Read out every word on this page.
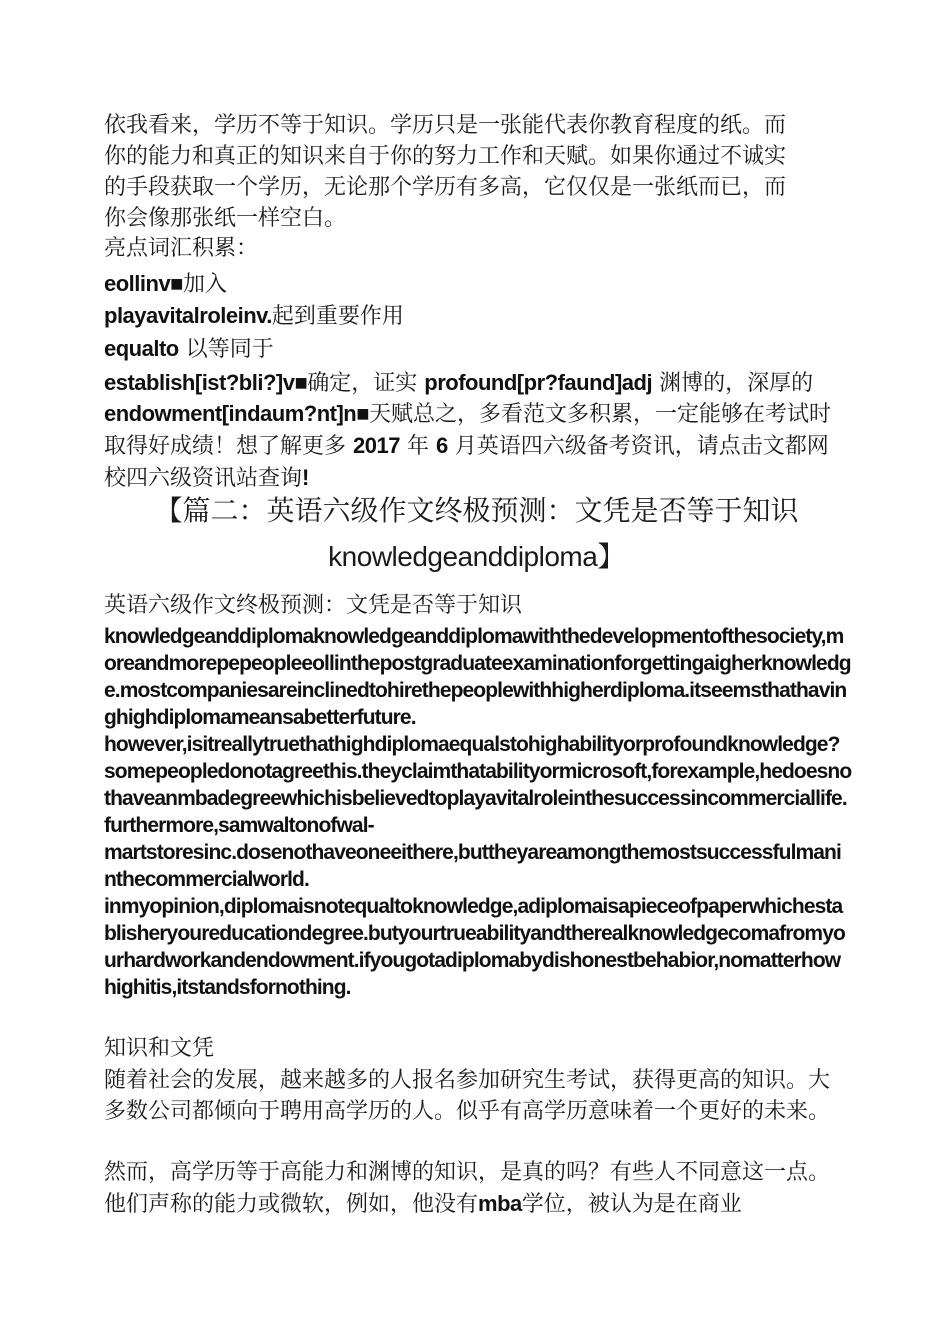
依我看来，学历不等于知识。学历只是一张能代表你教育程度的纸。而
你的能力和真正的知识来自于你的努力工作和天赋。如果你通过不诚实
的手段获取一个学历，无论那个学历有多高，它仅仅是一张纸而已，而
你会像那张纸一样空白。
亮点词汇积累：
eollinv■加入
playavitalroleinv.起到重要作用
equalto 以等同于
establish[ist?bli?]v■确定，证实 profound[pr?faund]adj 渊博的，深厚的
endowment[indaum?nt]n■天赋总之，多看范文多积累，一定能够在考试时取得好成绩！想了解更多 2017 年 6 月英语四六级备考资讯，请点击文都网校四六级资讯站查询!
【篇二：英语六级作文终极预测：文凭是否等于知识
knowledgeanddiploma】
英语六级作文终极预测：文凭是否等于知识

knowledgeanddiplomaknowledgeanddiplomawiththedevelopmentofthesociety,moreandmorepepeopleeollinthepostgraduateexaminationforgettingaigherknowledge.mostcompaniesareinclinedtohirethepeoplewithhigherdiploma.itseemsthathavinghighdiplomameansabetterfuture.

however,isitreallytruethathighdiplomaequalstohighabilityorprofoundknowledge?

somepeopledonotagreethis.theyclaimthatabilityormicrosoft,forexample,hedoesnothaveanmbadegreewhichisbelievedtoplayavitalroleinthesuccessincommerciallife.furthermore,samwaltonofwal-

martstoresinc.dosenothaveoneeithere,buttheyareamongthemostsuccessfulmaninthecommercialworld.

inmyopinion,diplomaisnotequaltoknowledge,adiplomaisapieceofpaperwhichestablisheryoureducationdegree.butyourtrueabilityandtherealknowledgecomafromyourhardworkandendowment.ifyougotadiplomabydishonestbehabior,nomatterhowhighitis,itstandsfornothing.

知识和文凭
随着社会的发展，越来越多的人报名参加研究生考试，获得更高的知识。大多数公司都倾向于聘用高学历的人。似乎有高学历意味着一个更好的未来。
然而，高学历等于高能力和渊博的知识，是真的吗？有些人不同意这一点。他们声称的能力或微软，例如，他没有mba学位，被认为是在商业
